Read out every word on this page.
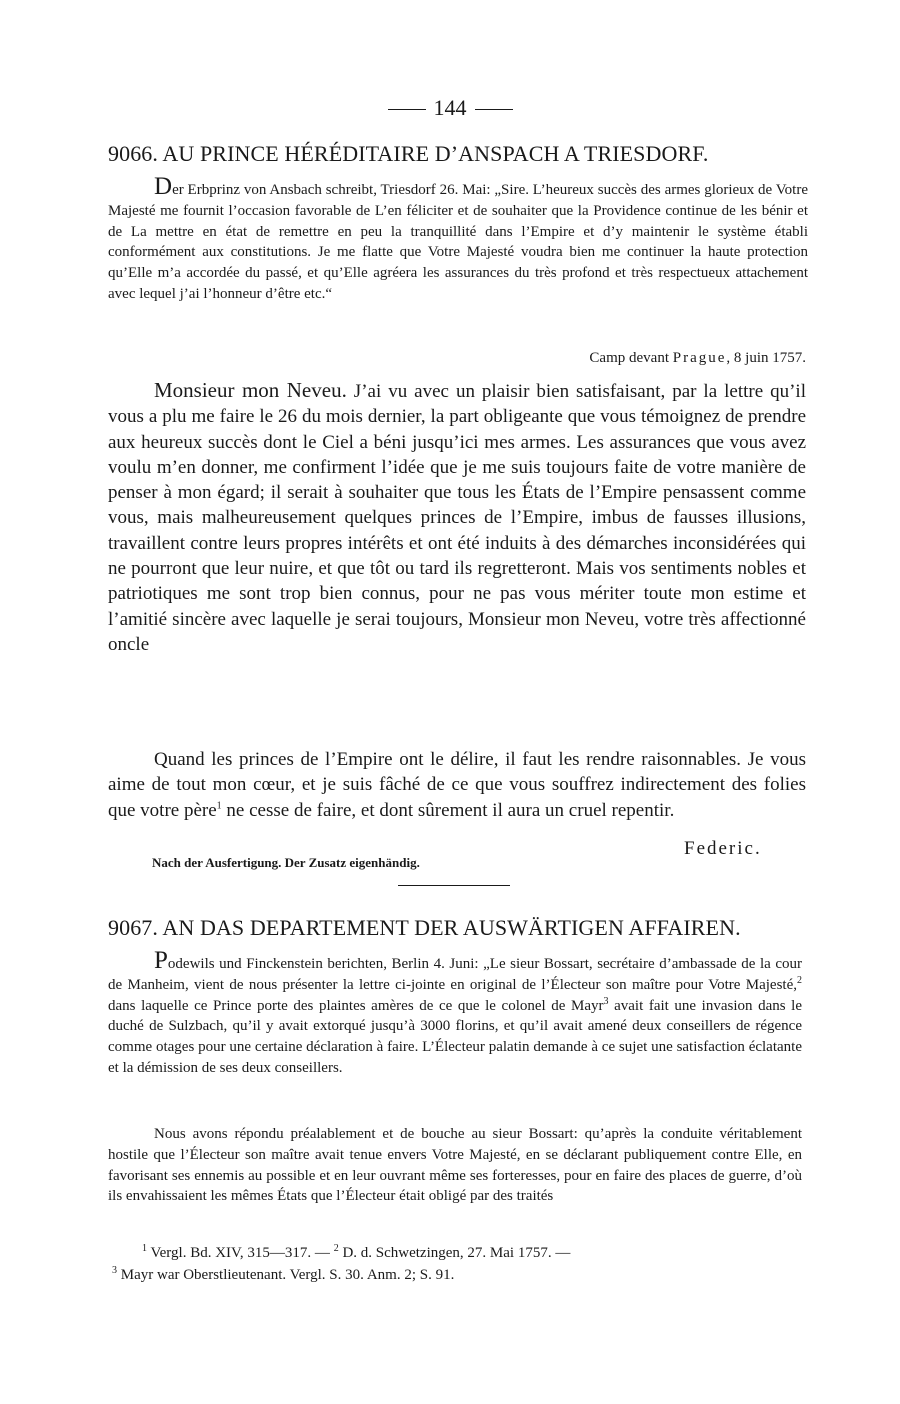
144
9066. AU PRINCE HÉRÉDITAIRE D’ANSPACH A TRIESDORF.
Der Erbprinz von Ansbach schreibt, Triesdorf 26. Mai: „Sire. L’heureux succès des armes glorieux de Votre Majesté me fournit l’occasion favorable de L’en féliciter et de souhaiter que la Providence continue de les bénir et de La mettre en état de remettre en peu la tranquillité dans l’Empire et d’y maintenir le système établi conformément aux constitutions. Je me flatte que Votre Majesté voudra bien me continuer la haute protection qu’Elle m’a accordée du passé, et qu’Elle agréera les assurances du très profond et très respectueux attachement avec lequel j’ai l’honneur d’être etc.“
Camp devant Prague, 8 juin 1757.
Monsieur mon Neveu. J’ai vu avec un plaisir bien satisfaisant, par la lettre qu’il vous a plu me faire le 26 du mois dernier, la part obligeante que vous témoignez de prendre aux heureux succès dont le Ciel a béni jusqu’ici mes armes. Les assurances que vous avez voulu m’en donner, me confirment l’idée que je me suis toujours faite de votre manière de penser à mon égard; il serait à souhaiter que tous les États de l’Empire pensassent comme vous, mais malheureusement quelques princes de l’Empire, imbus de fausses illusions, travaillent contre leurs propres intérêts et ont été induits à des démarches inconsidérées qui ne pourront que leur nuire, et que tôt ou tard ils regretteront. Mais vos sentiments nobles et patriotiques me sont trop bien connus, pour ne pas vous mériter toute mon estime et l’amitié sincère avec laquelle je serai toujours, Monsieur mon Neveu, votre très affectionné oncle
Quand les princes de l’Empire ont le délire, il faut les rendre raisonnables. Je vous aime de tout mon cœur, et je suis fâché de ce que vous souffrez indirectement des folies que votre père$^1$ ne cesse de faire, et dont sûrement il aura un cruel repentir.
Federic.
Nach der Ausfertigung. Der Zusatz eigenhändig.
9067. AN DAS DEPARTEMENT DER AUSWÄRTIGEN AFFAIREN.
Podewils und Finckenstein berichten, Berlin 4. Juni: „Le sieur Bossart, secrétaire d’ambassade de la cour de Manheim, vient de nous présenter la lettre ci-jointe en original de l’Électeur son maître pour Votre Majesté,$^2$ dans laquelle ce Prince porte des plaintes amères de ce que le colonel de Mayr$^3$ avait fait une invasion dans le duché de Sulzbach, qu’il y avait extorqué jusqu’à 3000 florins, et qu’il avait amené deux conseillers de régence comme otages pour une certaine déclaration à faire. L’Électeur palatin demande à ce sujet une satisfaction éclatante et la démission de ses deux conseillers.
Nous avons répondu préalablement et de bouche au sieur Bossart: qu’après la conduite véritablement hostile que l’Électeur son maître avait tenue envers Votre Majesté, en se déclarant publiquement contre Elle, en favorisant ses ennemis au possible et en leur ouvrant même ses forteresses, pour en faire des places de guerre, d’où ils envahissaient les mêmes États que l’Électeur était obligé par des traités

$^1$ Vergl. Bd. XIV, 315—317. — $^2$ D. d. Schwetzingen, 27. Mai 1757. —

$^3$ Mayr war Oberstlieutenant. Vergl. S. 30. Anm. 2; S. 91.
